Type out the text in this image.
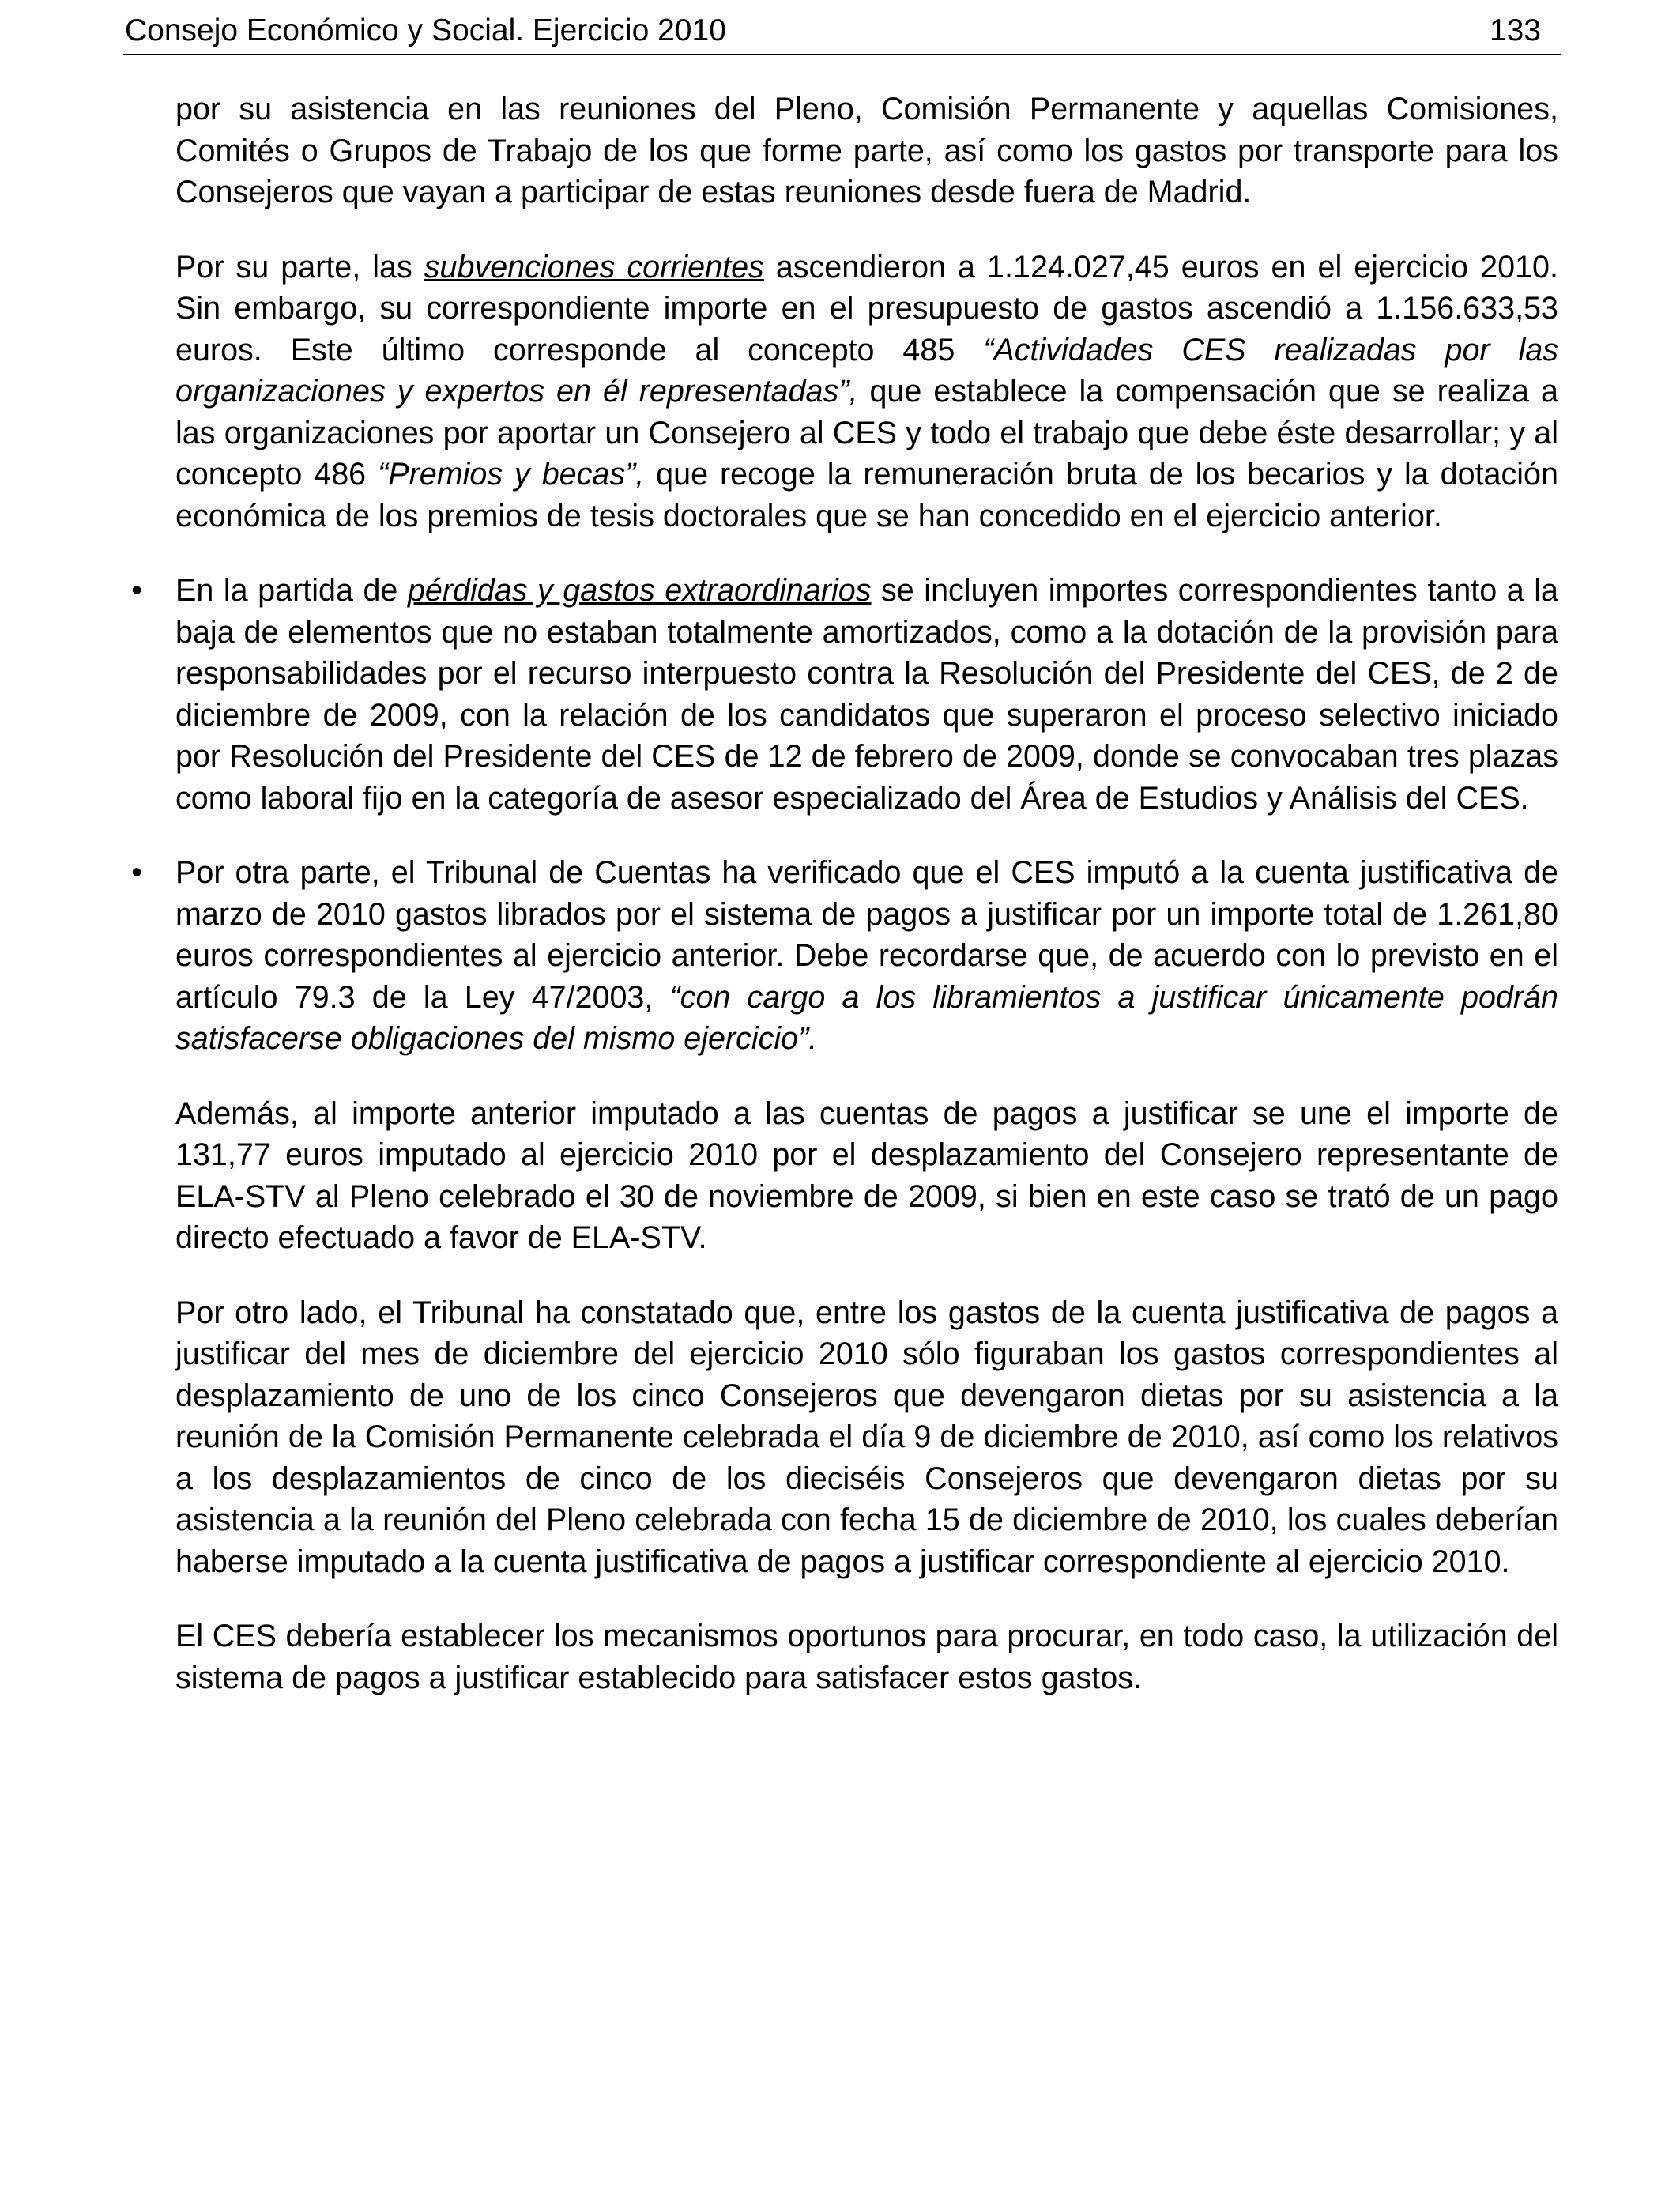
Consejo Económico y Social. Ejercicio 2010	133

por su asistencia en las reuniones del Pleno, Comisión Permanente y aquellas Comisiones, Comités o Grupos de Trabajo de los que forme parte, así como los gastos por transporte para los Consejeros que vayan a participar de estas reuniones desde fuera de Madrid.

Por su parte, las subvenciones corrientes ascendieron a 1.124.027,45 euros en el ejercicio 2010. Sin embargo, su correspondiente importe en el presupuesto de gastos ascendió a 1.156.633,53 euros. Este último corresponde al concepto 485 “Actividades CES realizadas por las organizaciones y expertos en él representadas”, que establece la compensación que se realiza a las organizaciones por aportar un Consejero al CES y todo el trabajo que debe éste desarrollar; y al concepto 486 “Premios y becas”, que recoge la remuneración bruta de los becarios y la dotación económica de los premios de tesis doctorales que se han concedido en el ejercicio anterior.

• En la partida de pérdidas y gastos extraordinarios se incluyen importes correspondientes tanto a la baja de elementos que no estaban totalmente amortizados, como a la dotación de la provisión para responsabilidades por el recurso interpuesto contra la Resolución del Presidente del CES, de 2 de diciembre de 2009, con la relación de los candidatos que superaron el proceso selectivo iniciado por Resolución del Presidente del CES de 12 de febrero de 2009, donde se convocaban tres plazas como laboral fijo en la categoría de asesor especializado del Área de Estudios y Análisis del CES.
• Por otra parte, el Tribunal de Cuentas ha verificado que el CES imputó a la cuenta justificativa de marzo de 2010 gastos librados por el sistema de pagos a justificar por un importe total de 1.261,80 euros correspondientes al ejercicio anterior. Debe recordarse que, de acuerdo con lo previsto en el artículo 79.3 de la Ley 47/2003, “con cargo a los libramientos a justificar únicamente podrán satisfacerse obligaciones del mismo ejercicio”.

Además, al importe anterior imputado a las cuentas de pagos a justificar se une el importe de 131,77 euros imputado al ejercicio 2010 por el desplazamiento del Consejero representante de ELA-STV al Pleno celebrado el 30 de noviembre de 2009, si bien en este caso se trató de un pago directo efectuado a favor de ELA-STV.

Por otro lado, el Tribunal ha constatado que, entre los gastos de la cuenta justificativa de pagos a justificar del mes de diciembre del ejercicio 2010 sólo figuraban los gastos correspondientes al desplazamiento de uno de los cinco Consejeros que devengaron dietas por su asistencia a la reunión de la Comisión Permanente celebrada el día 9 de diciembre de 2010, así como los relativos a los desplazamientos de cinco de los dieciséis Consejeros que devengaron dietas por su asistencia a la reunión del Pleno celebrada con fecha 15 de diciembre de 2010, los cuales deberían haberse imputado a la cuenta justificativa de pagos a justificar correspondiente al ejercicio 2010.

El CES debería establecer los mecanismos oportunos para procurar, en todo caso, la utilización del sistema de pagos a justificar establecido para satisfacer estos gastos.
